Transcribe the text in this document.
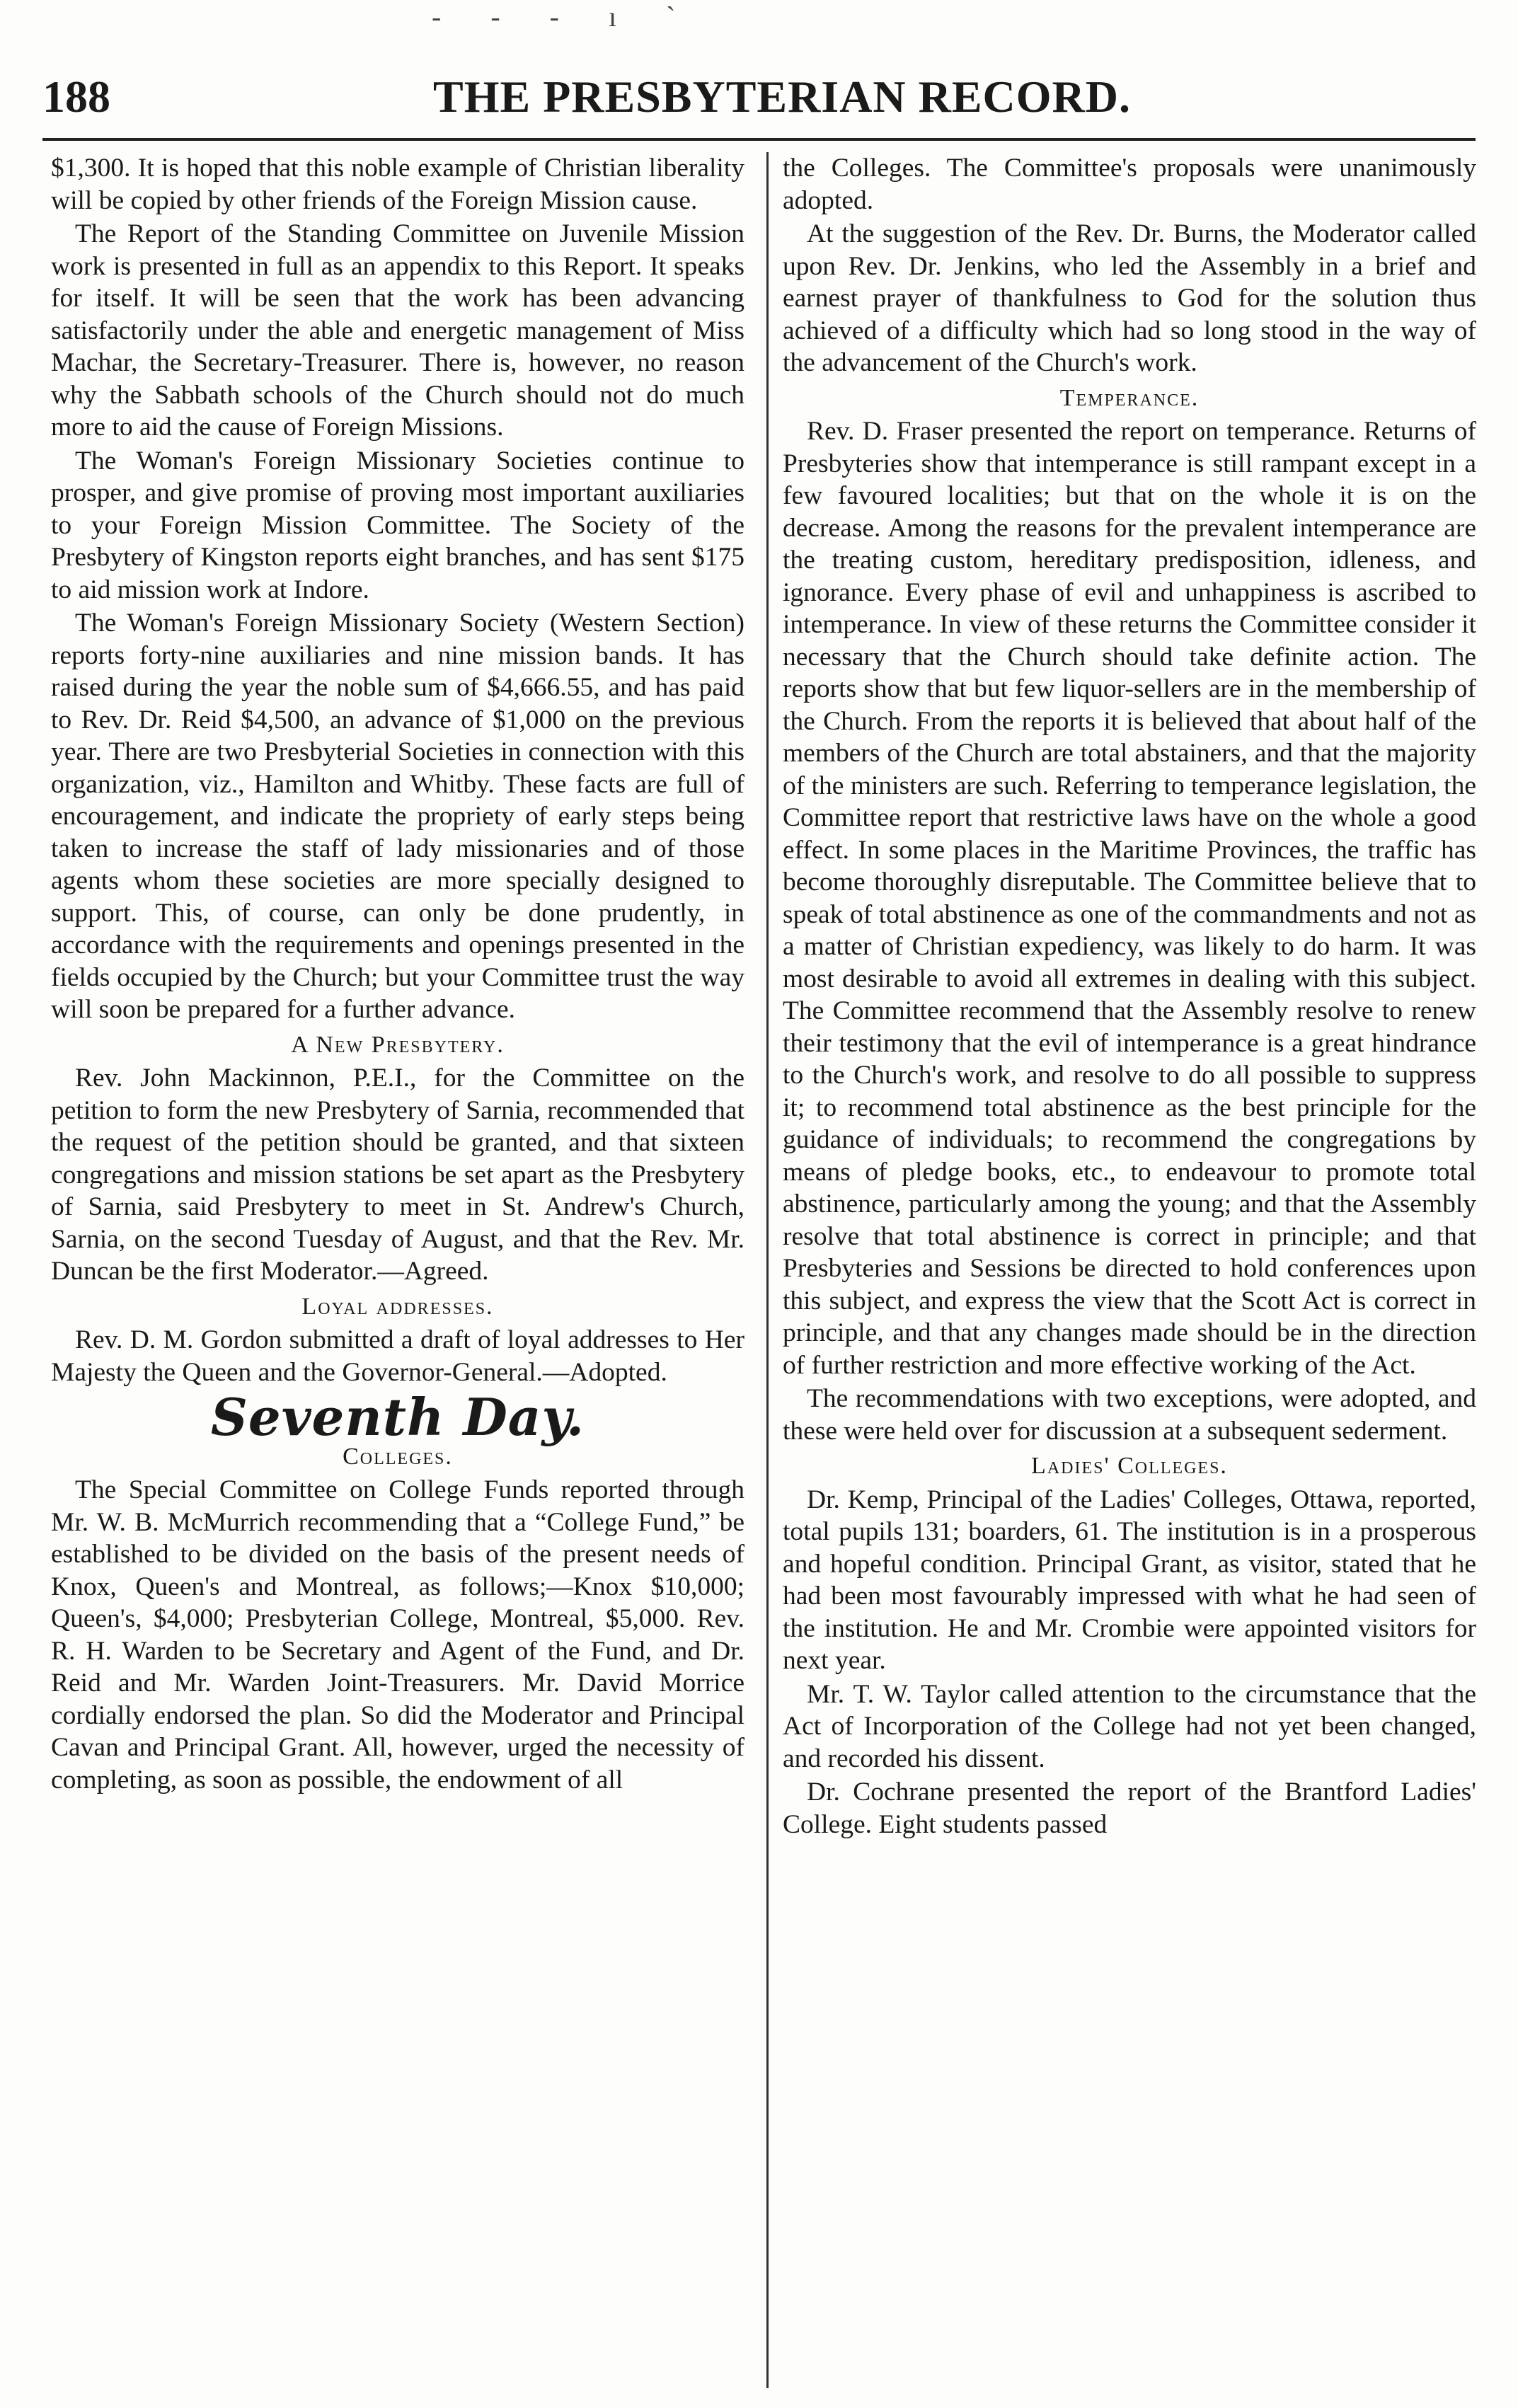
- - - ı `
188	THE PRESBYTERIAN RECORD.

$1,300. It is hoped that this noble example of Christian liberality will be copied by other friends of the Foreign Mission cause.

The Report of the Standing Committee on Juvenile Mission work is presented in full as an appendix to this Report. It speaks for itself. It will be seen that the work has been advancing satisfactorily under the able and energetic management of Miss Machar, the Secretary-Treasurer. There is, however, no reason why the Sabbath schools of the Church should not do much more to aid the cause of Foreign Missions.

The Woman's Foreign Missionary Societies continue to prosper, and give promise of proving most important auxiliaries to your Foreign Mission Committee. The Society of the Presbytery of Kingston reports eight branches, and has sent $175 to aid mission work at Indore.

The Woman's Foreign Missionary Society (Western Section) reports forty-nine auxiliaries and nine mission bands. It has raised during the year the noble sum of $4,666.55, and has paid to Rev. Dr. Reid $4,500, an advance of $1,000 on the previous year. There are two Presbyterial Societies in connection with this organization, viz., Hamilton and Whitby. These facts are full of encouragement, and indicate the propriety of early steps being taken to increase the staff of lady missionaries and of those agents whom these societies are more specially designed to support. This, of course, can only be done prudently, in accordance with the requirements and openings presented in the fields occupied by the Church; but your Committee trust the way will soon be prepared for a further advance.

A New Presbytery.

Rev. John Mackinnon, P.E.I., for the Committee on the petition to form the new Presbytery of Sarnia, recommended that the request of the petition should be granted, and that sixteen congregations and mission stations be set apart as the Presbytery of Sarnia, said Presbytery to meet in St. Andrew's Church, Sarnia, on the second Tuesday of August, and that the Rev. Mr. Duncan be the first Moderator.—Agreed.

Loyal addresses.

Rev. D. M. Gordon submitted a draft of loyal addresses to Her Majesty the Queen and the Governor-General.—Adopted.

Seventh Day.
Colleges.

The Special Committee on College Funds reported through Mr. W. B. McMurrich recommending that a “College Fund,” be established to be divided on the basis of the present needs of Knox, Queen's and Montreal, as follows;—Knox $10,000; Queen's, $4,000; Presbyterian College, Montreal, $5,000. Rev. R. H. Warden to be Secretary and Agent of the Fund, and Dr. Reid and Mr. Warden Joint-Treasurers. Mr. David Morrice cordially endorsed the plan. So did the Moderator and Principal Cavan and Principal Grant. All, however, urged the necessity of completing, as soon as possible, the endowment of all

the Colleges. The Committee's proposals were unanimously adopted.

At the suggestion of the Rev. Dr. Burns, the Moderator called upon Rev. Dr. Jenkins, who led the Assembly in a brief and earnest prayer of thankfulness to God for the solution thus achieved of a difficulty which had so long stood in the way of the advancement of the Church's work.

Temperance.

Rev. D. Fraser presented the report on temperance. Returns of Presbyteries show that intemperance is still rampant except in a few favoured localities; but that on the whole it is on the decrease. Among the reasons for the prevalent intemperance are the treating custom, hereditary predisposition, idleness, and ignorance. Every phase of evil and unhappiness is ascribed to intemperance. In view of these returns the Committee consider it necessary that the Church should take definite action. The reports show that but few liquor-sellers are in the membership of the Church. From the reports it is believed that about half of the members of the Church are total abstainers, and that the majority of the ministers are such. Referring to temperance legislation, the Committee report that restrictive laws have on the whole a good effect. In some places in the Maritime Provinces, the traffic has become thoroughly disreputable. The Committee believe that to speak of total abstinence as one of the commandments and not as a matter of Christian expediency, was likely to do harm. It was most desirable to avoid all extremes in dealing with this subject. The Committee recommend that the Assembly resolve to renew their testimony that the evil of intemperance is a great hindrance to the Church's work, and resolve to do all possible to suppress it; to recommend total abstinence as the best principle for the guidance of individuals; to recommend the congregations by means of pledge books, etc., to endeavour to promote total abstinence, particularly among the young; and that the Assembly resolve that total abstinence is correct in principle; and that Presbyteries and Sessions be directed to hold conferences upon this subject, and express the view that the Scott Act is correct in principle, and that any changes made should be in the direction of further restriction and more effective working of the Act.

The recommendations with two exceptions, were adopted, and these were held over for discussion at a subsequent sederment.

Ladies' Colleges.

Dr. Kemp, Principal of the Ladies' Colleges, Ottawa, reported, total pupils 131; boarders, 61. The institution is in a prosperous and hopeful condition. Principal Grant, as visitor, stated that he had been most favourably impressed with what he had seen of the institution. He and Mr. Crombie were appointed visitors for next year.

Mr. T. W. Taylor called attention to the circumstance that the Act of Incorporation of the College had not yet been changed, and recorded his dissent.

Dr. Cochrane presented the report of the Brantford Ladies' College. Eight students passed
